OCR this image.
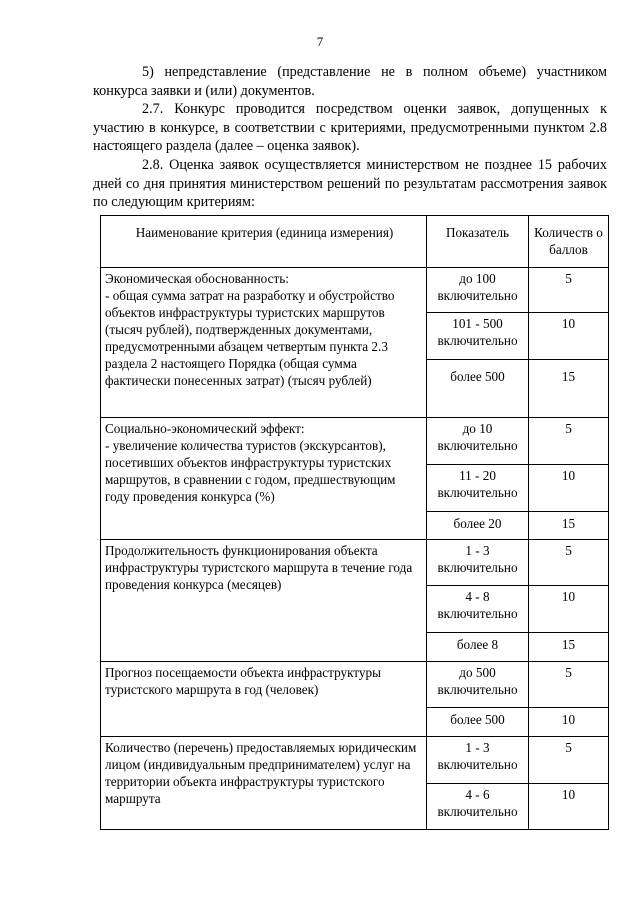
7

5) непредставление (представление не в полном объеме) участником конкурса заявки и (или) документов.

2.7. Конкурс проводится посредством оценки заявок, допущенных к участию в конкурсе, в соответствии с критериями, предусмотренными пунктом 2.8 настоящего раздела (далее – оценка заявок).

2.8. Оценка заявок осуществляется министерством не позднее 15 рабочих дней со дня принятия министерством решений по результатам рассмотрения заявок по следующим критериям:

Наименование критерия (единица измерения)	Показатель	Количеств о баллов

Экономическая обоснованность:
- общая сумма затрат на разработку и обустройство объектов инфраструктуры туристских маршрутов (тысяч рублей), подтвержденных документами, предусмотренными абзацем четвертым пункта 2.3 раздела 2 настоящего Порядка (общая сумма фактически понесенных затрат) (тысяч рублей)	до 100 включительно	5
	101 - 500 включительно	10
	более 500	15

Социально-экономический эффект:
- увеличение количества туристов (экскурсантов), посетивших объектов инфраструктуры туристских маршрутов, в сравнении с годом, предшествующим году проведения конкурса (%)	до 10 включительно	5
	11 - 20 включительно	10
	более 20	15

Продолжительность функционирования объекта инфраструктуры туристского маршрута в течение года проведения конкурса (месяцев)	1 - 3 включительно	5
	4 - 8 включительно	10
	более 8	15

Прогноз посещаемости объекта инфраструктуры туристского маршрута в год (человек)	до 500 включительно	5
	более 500	10

Количество (перечень) предоставляемых юридическим лицом (индивидуальным предпринимателем) услуг на территории объекта инфраструктуры туристского маршрута	1 - 3 включительно	5
	4 - 6 включительно	10
